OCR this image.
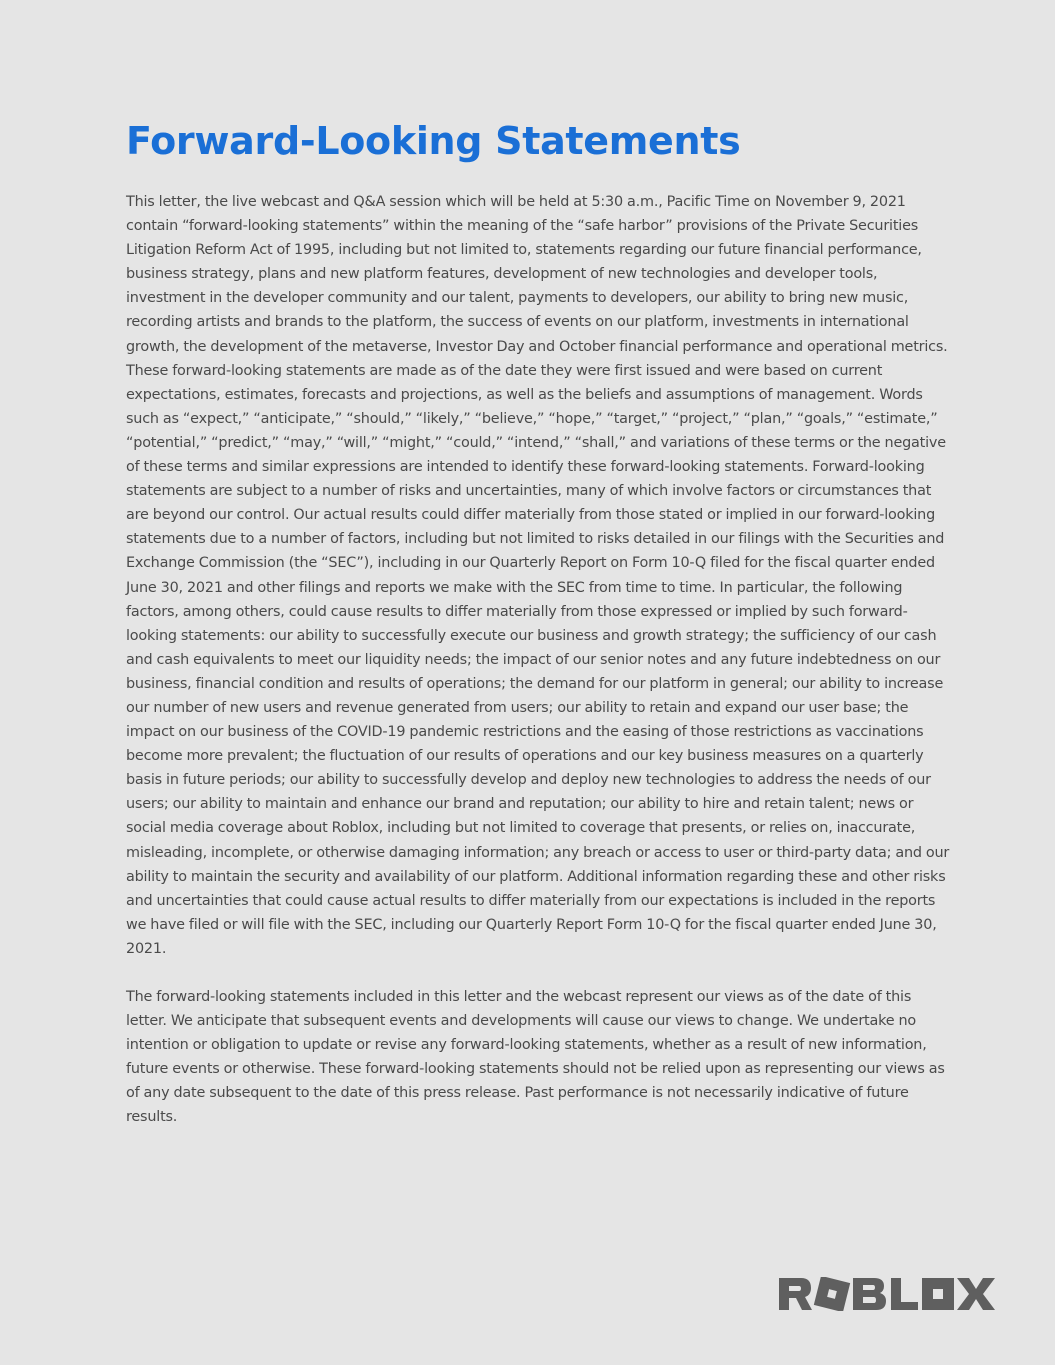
Forward-Looking Statements

This letter, the live webcast and Q&A session which will be held at 5:30 a.m., Pacific Time on November 9, 2021 contain “forward-looking statements” within the meaning of the “safe harbor” provisions of the Private Securities Litigation Reform Act of 1995, including but not limited to, statements regarding our future financial performance, business strategy, plans and new platform features, development of new technologies and developer tools, investment in the developer community and our talent, payments to developers, our ability to bring new music, recording artists and brands to the platform, the success of events on our platform, investments in international growth, the development of the metaverse, Investor Day and October financial performance and operational metrics. These forward-looking statements are made as of the date they were first issued and were based on current expectations, estimates, forecasts and projections, as well as the beliefs and assumptions of management. Words such as “expect,” “anticipate,” “should,” “likely,” “believe,” “hope,” “target,” “project,” “plan,” “goals,” “estimate,” “potential,” “predict,” “may,” “will,” “might,” “could,” “intend,” “shall,” and variations of these terms or the negative of these terms and similar expressions are intended to identify these forward-looking statements. Forward-looking statements are subject to a number of risks and uncertainties, many of which involve factors or circumstances that are beyond our control. Our actual results could differ materially from those stated or implied in our forward-looking statements due to a number of factors, including but not limited to risks detailed in our filings with the Securities and Exchange Commission (the “SEC”), including in our Quarterly Report on Form 10-Q filed for the fiscal quarter ended June 30, 2021 and other filings and reports we make with the SEC from time to time. In particular, the following factors, among others, could cause results to differ materially from those expressed or implied by such forward-looking statements: our ability to successfully execute our business and growth strategy; the sufficiency of our cash and cash equivalents to meet our liquidity needs; the impact of our senior notes and any future indebtedness on our business, financial condition and results of operations; the demand for our platform in general; our ability to increase our number of new users and revenue generated from users; our ability to retain and expand our user base; the impact on our business of the COVID-19 pandemic restrictions and the easing of those restrictions as vaccinations become more prevalent; the fluctuation of our results of operations and our key business measures on a quarterly basis in future periods; our ability to successfully develop and deploy new technologies to address the needs of our users; our ability to maintain and enhance our brand and reputation; our ability to hire and retain talent; news or social media coverage about Roblox, including but not limited to coverage that presents, or relies on, inaccurate, misleading, incomplete, or otherwise damaging information; any breach or access to user or third-party data; and our ability to maintain the security and availability of our platform. Additional information regarding these and other risks and uncertainties that could cause actual results to differ materially from our expectations is included in the reports we have filed or will file with the SEC, including our Quarterly Report Form 10-Q for the fiscal quarter ended June 30, 2021.

The forward-looking statements included in this letter and the webcast represent our views as of the date of this letter. We anticipate that subsequent events and developments will cause our views to change. We undertake no intention or obligation to update or revise any forward-looking statements, whether as a result of new information, future events or otherwise. These forward-looking statements should not be relied upon as representing our views as of any date subsequent to the date of this press release. Past performance is not necessarily indicative of future results.
